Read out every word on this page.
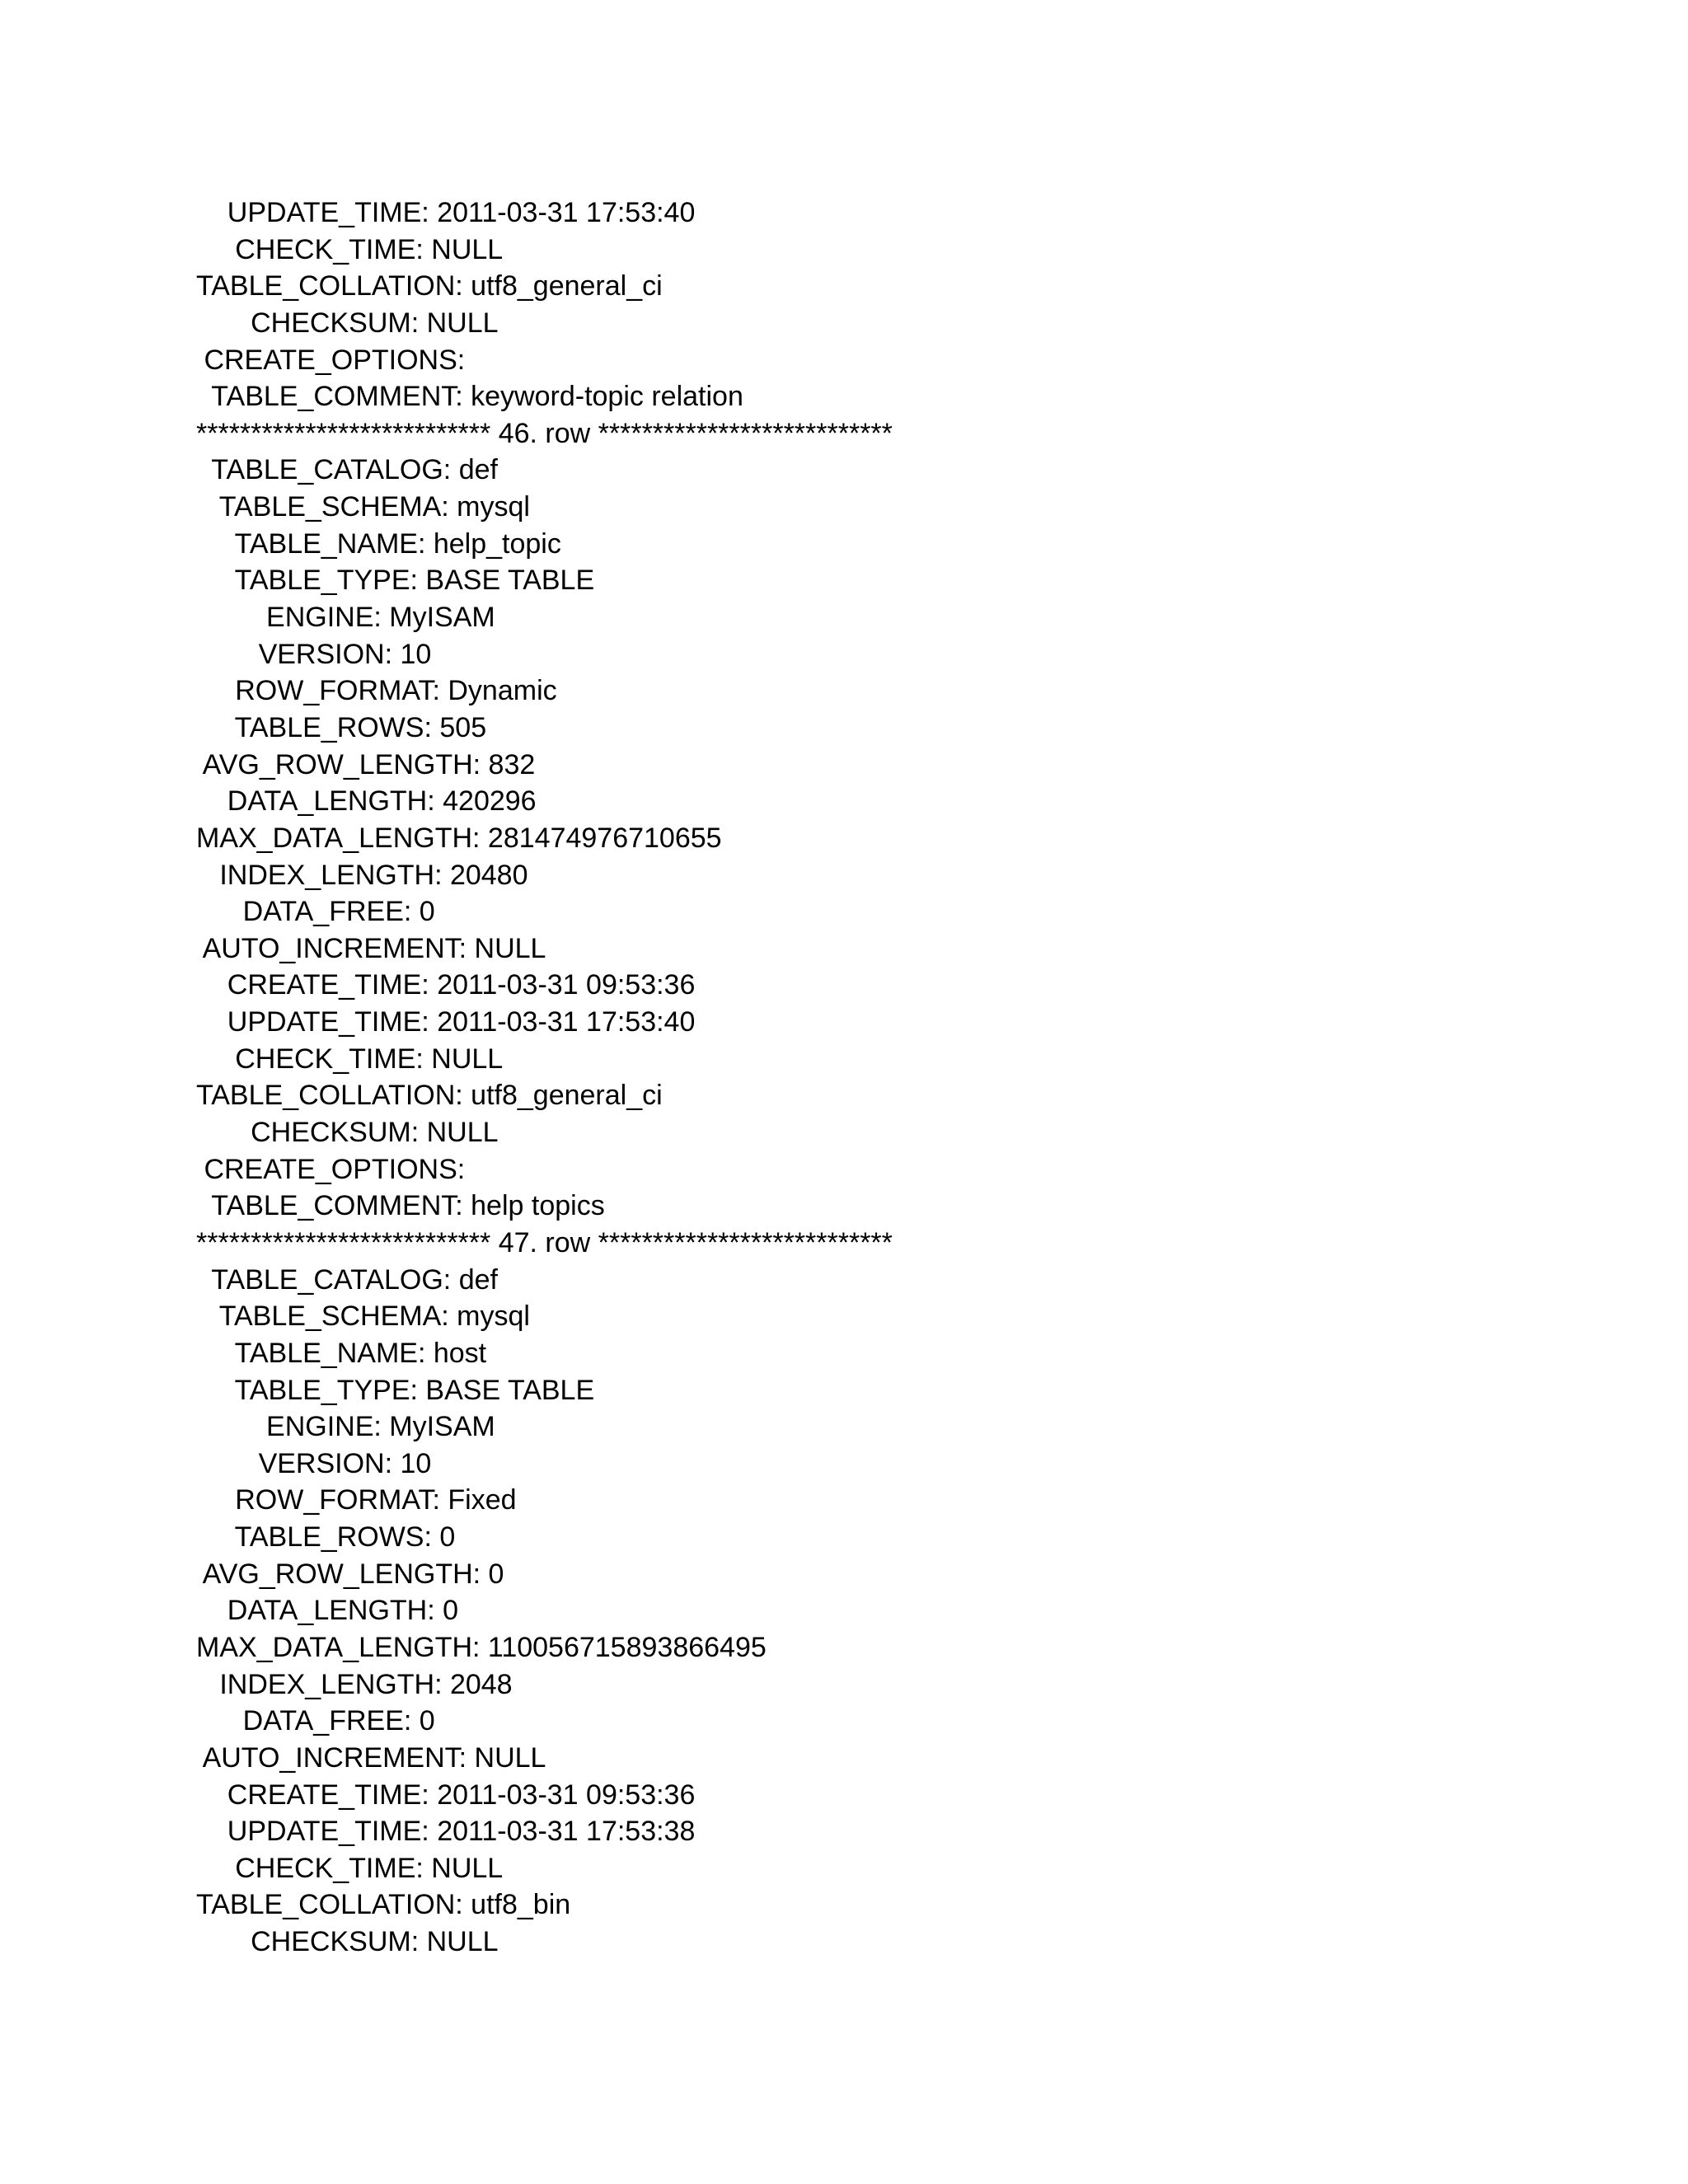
UPDATE_TIME: 2011-03-31 17:53:40
CHECK_TIME: NULL
TABLE_COLLATION: utf8_general_ci
CHECKSUM: NULL
CREATE_OPTIONS:
TABLE_COMMENT: keyword-topic relation
*************************** 46. row ***************************
TABLE_CATALOG: def
TABLE_SCHEMA: mysql
TABLE_NAME: help_topic
TABLE_TYPE: BASE TABLE
ENGINE: MyISAM
VERSION: 10
ROW_FORMAT: Dynamic
TABLE_ROWS: 505
AVG_ROW_LENGTH: 832
DATA_LENGTH: 420296
MAX_DATA_LENGTH: 281474976710655
INDEX_LENGTH: 20480
DATA_FREE: 0
AUTO_INCREMENT: NULL
CREATE_TIME: 2011-03-31 09:53:36
UPDATE_TIME: 2011-03-31 17:53:40
CHECK_TIME: NULL
TABLE_COLLATION: utf8_general_ci
CHECKSUM: NULL
CREATE_OPTIONS:
TABLE_COMMENT: help topics
*************************** 47. row ***************************
TABLE_CATALOG: def
TABLE_SCHEMA: mysql
TABLE_NAME: host
TABLE_TYPE: BASE TABLE
ENGINE: MyISAM
VERSION: 10
ROW_FORMAT: Fixed
TABLE_ROWS: 0
AVG_ROW_LENGTH: 0
DATA_LENGTH: 0
MAX_DATA_LENGTH: 110056715893866495
INDEX_LENGTH: 2048
DATA_FREE: 0
AUTO_INCREMENT: NULL
CREATE_TIME: 2011-03-31 09:53:36
UPDATE_TIME: 2011-03-31 17:53:38
CHECK_TIME: NULL
TABLE_COLLATION: utf8_bin
CHECKSUM: NULL
